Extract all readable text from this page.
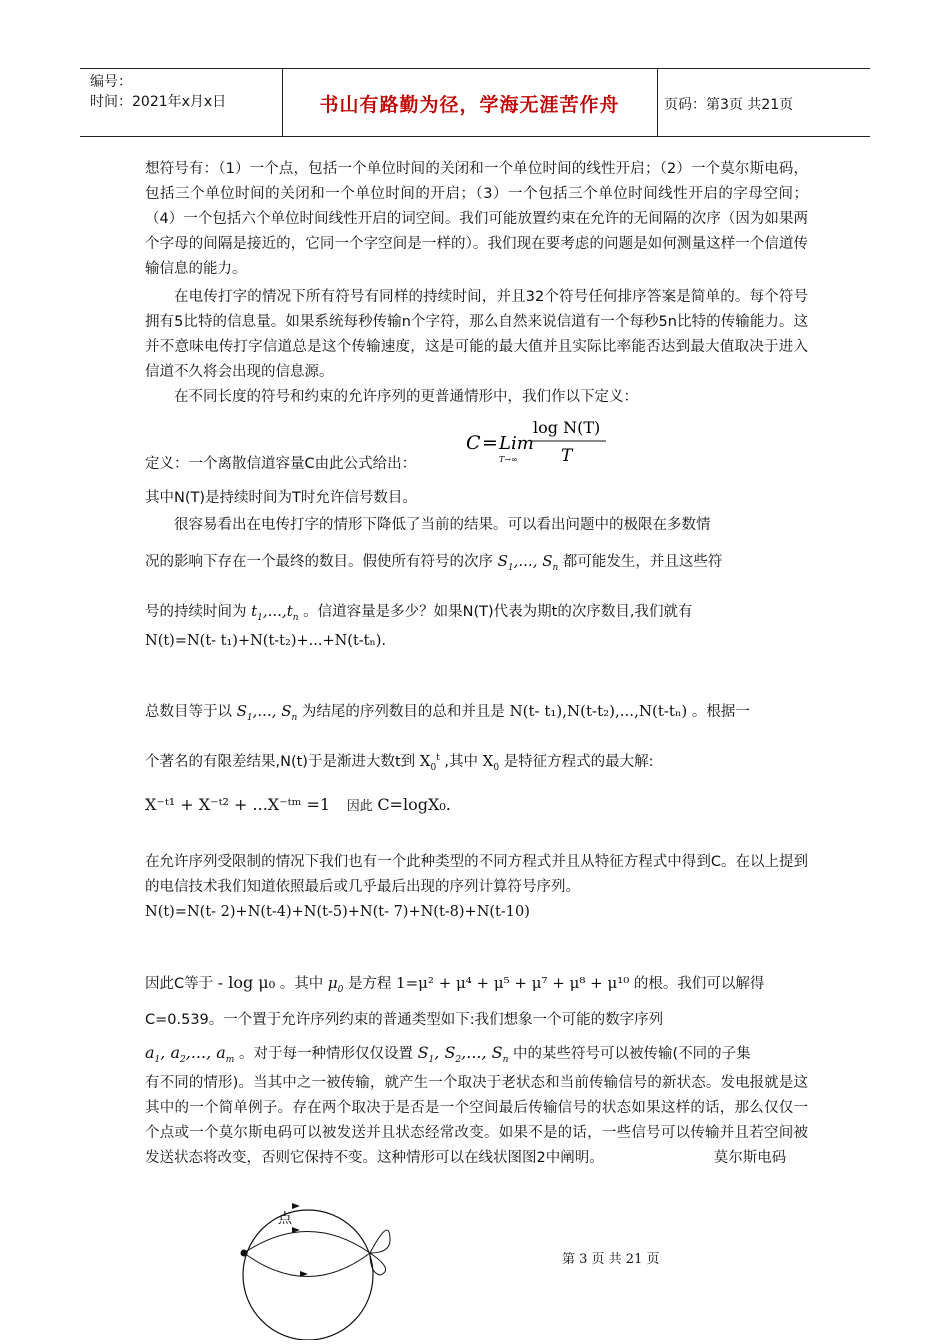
编号：
时间：2021年x月x日	书山有路勤为径，学海无涯苦作舟	页码：第3页 共21页
想符号有：（1）一个点，包括一个单位时间的关闭和一个单位时间的线性开启；（2）一个莫尔斯电码，包括三个单位时间的关闭和一个单位时间的开启；（3）一个包括三个单位时间线性开启的字母空间；（4）一个包括六个单位时间线性开启的词空间。我们可能放置约束在允许的无间隔的次序（因为如果两个字母的间隔是接近的，它同一个字空间是一样的）。我们现在要考虑的问题是如何测量这样一个信道传输信息的能力。
在电传打字的情况下所有符号有同样的持续时间，并且32个符号任何排序答案是简单的。每个符号拥有5比特的信息量。如果系统每秒传输n个字符，那么自然来说信道有一个每秒5n比特的传输能力。这并不意味电传打字信道总是这个传输速度，这是可能的最大值并且实际比率能否达到最大值取决于进入信道不久将会出现的信息源。
在不同长度的符号和约束的允许序列的更普通情形中，我们作以下定义：
定义：一个离散信道容量C由此公式给出：
C = Lim
T→∞
log N(T)
T
其中N(T)是持续时间为T时允许信号数目。
很容易看出在电传打字的情形下降低了当前的结果。可以看出问题中的极限在多数情
况的影响下存在一个最终的数目。假使所有符号的次序 $S_1$,..., $S_n$ 都可能发生，并且这些符
号的持续时间为 $t_1,...,t_n$ 。信道容量是多少？如果N(T)代表为期t的次序数目,我们就有
N(t)=N(t- t₁)+N(t-t₂)+...+N(t-tₙ).
总数目等于以 $S_1$,..., $S_n$ 为结尾的序列数目的总和并且是 N(t- t₁),N(t-t₂),...,N(t-tₙ) 。根据一
个著名的有限差结果,N(t)于是渐进大数t到 $X_0^t$ ,其中 $X_0$ 是特征方程式的最大解:
X⁻ᵗ¹ + X⁻ᵗ² + ...X⁻ᵗᵐ =1 因此 C=logX₀.
在允许序列受限制的情况下我们也有一个此种类型的不同方程式并且从特征方程式中得到C。在以上提到的电信技术我们知道依照最后或几乎最后出现的序列计算符号序列。
N(t)=N(t- 2)+N(t-4)+N(t-5)+N(t- 7)+N(t-8)+N(t-10)
因此C等于 - log μ₀ 。其中 $\mu_0$ 是方程 1=μ² + μ⁴ + μ⁵ + μ⁷ + μ⁸ + μ¹⁰ 的根。我们可以解得
C=0.539。一个置于允许序列约束的普通类型如下:我们想象一个可能的数字序列
$a_1$, $a_2$,..., $a_m$ 。对于每一种情形仅仅设置 $S_1$, $S_2$,..., $S_n$ 中的某些符号可以被传输(不同的子集
有不同的情形)。当其中之一被传输，就产生一个取决于老状态和当前传输信号的新状态。发电报就是这其中的一个简单例子。存在两个取决于是否是一个空间最后传输信号的状态如果这样的话，那么仅仅一个点或一个莫尔斯电码可以被发送并且状态经常改变。如果不是的话，一些信号可以传输并且若空间被发送状态将改变，否则它保持不变。这种情形可以在线状图图2中阐明。	莫尔斯电码
点
第 3 页 共 21 页
